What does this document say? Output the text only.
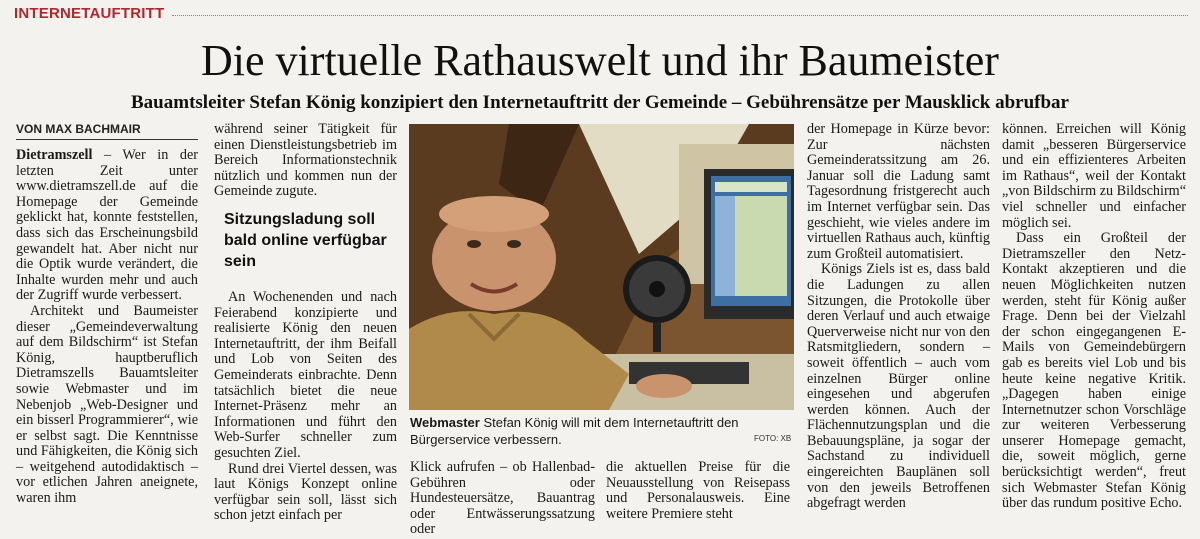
INTERNETAUFTRITT
Die virtuelle Rathauswelt und ihr Baumeister
Bauamtsleiter Stefan König konzipiert den Internetauftritt der Gemeinde – Gebührensätze per Mausklick abrufbar
VON MAX BACHMAIR

Dietramszell – Wer in der letzten Zeit unter www.dietramszell.de auf die Homepage der Gemeinde geklickt hat, konnte feststellen, dass sich das Erscheinungsbild gewandelt hat. Aber nicht nur die Optik wurde verändert, die Inhalte wurden mehr und auch der Zugriff wurde verbessert.

Architekt und Baumeister dieser „Gemeindeverwaltung auf dem Bildschirm“ ist Stefan König, hauptberuflich Dietramszells Bauamtsleiter sowie Webmaster und im Nebenjob „Web-Designer und ein bisserl Programmierer“, wie er selbst sagt. Die Kenntnisse und Fähigkeiten, die König sich – weitgehend autodidaktisch – vor etlichen Jahren aneignete, waren ihm

während seiner Tätigkeit für einen Dienstleistungsbetrieb im Bereich Informationstechnik nützlich und kommen nun der Gemeinde zugute.

Sitzungsladung soll bald online verfügbar sein

An Wochenenden und nach Feierabend konzipierte und realisierte König den neuen Internetauftritt, der ihm Beifall und Lob von Seiten des Gemeinderats einbrachte. Denn tatsächlich bietet die neue Internet-Präsenz mehr an Informationen und führt den Web-Surfer schneller zum gesuchten Ziel.

Rund drei Viertel dessen, was laut Königs Konzept online verfügbar sein soll, lässt sich schon jetzt einfach per

Webmaster Stefan König will mit dem Internetauftritt den Bürgerservice verbessern.	FOTO: XB

Klick aufrufen – ob Hallenbad-Gebühren oder Hundesteuersätze, Bauantrag oder Entwässerungssatzung oder

die aktuellen Preise für die Neuausstellung von Reisepass und Personalausweis. Eine weitere Premiere steht

der Homepage in Kürze bevor: Zur nächsten Gemeinderatssitzung am 26. Januar soll die Ladung samt Tagesordnung fristgerecht auch im Internet verfügbar sein. Das geschieht, wie vieles andere im virtuellen Rathaus auch, künftig zum Großteil automatisiert.

Königs Ziels ist es, dass bald die Ladungen zu allen Sitzungen, die Protokolle über deren Verlauf und auch etwaige Querverweise nicht nur von den Ratsmitgliedern, sondern – soweit öffentlich – auch vom einzelnen Bürger online eingesehen und abgerufen werden können. Auch der Flächennutzungsplan und die Bebauungspläne, ja sogar der Sachstand zu individuell eingereichten Bauplänen soll von den jeweils Betroffenen abgefragt werden

können. Erreichen will König damit „besseren Bürgerservice und ein effizienteres Arbeiten im Rathaus“, weil der Kontakt „von Bildschirm zu Bildschirm“ viel schneller und einfacher möglich sei.

Dass ein Großteil der Dietramszeller den Netz-Kontakt akzeptieren und die neuen Möglichkeiten nutzen werden, steht für König außer Frage. Denn bei der Vielzahl der schon eingegangenen E-Mails von Gemeindebürgern gab es bereits viel Lob und bis heute keine negative Kritik. „Dagegen haben einige Internetnutzer schon Vorschläge zur weiteren Verbesserung unserer Homepage gemacht, die, soweit möglich, gerne berücksichtigt werden“, freut sich Webmaster Stefan König über das rundum positive Echo.
